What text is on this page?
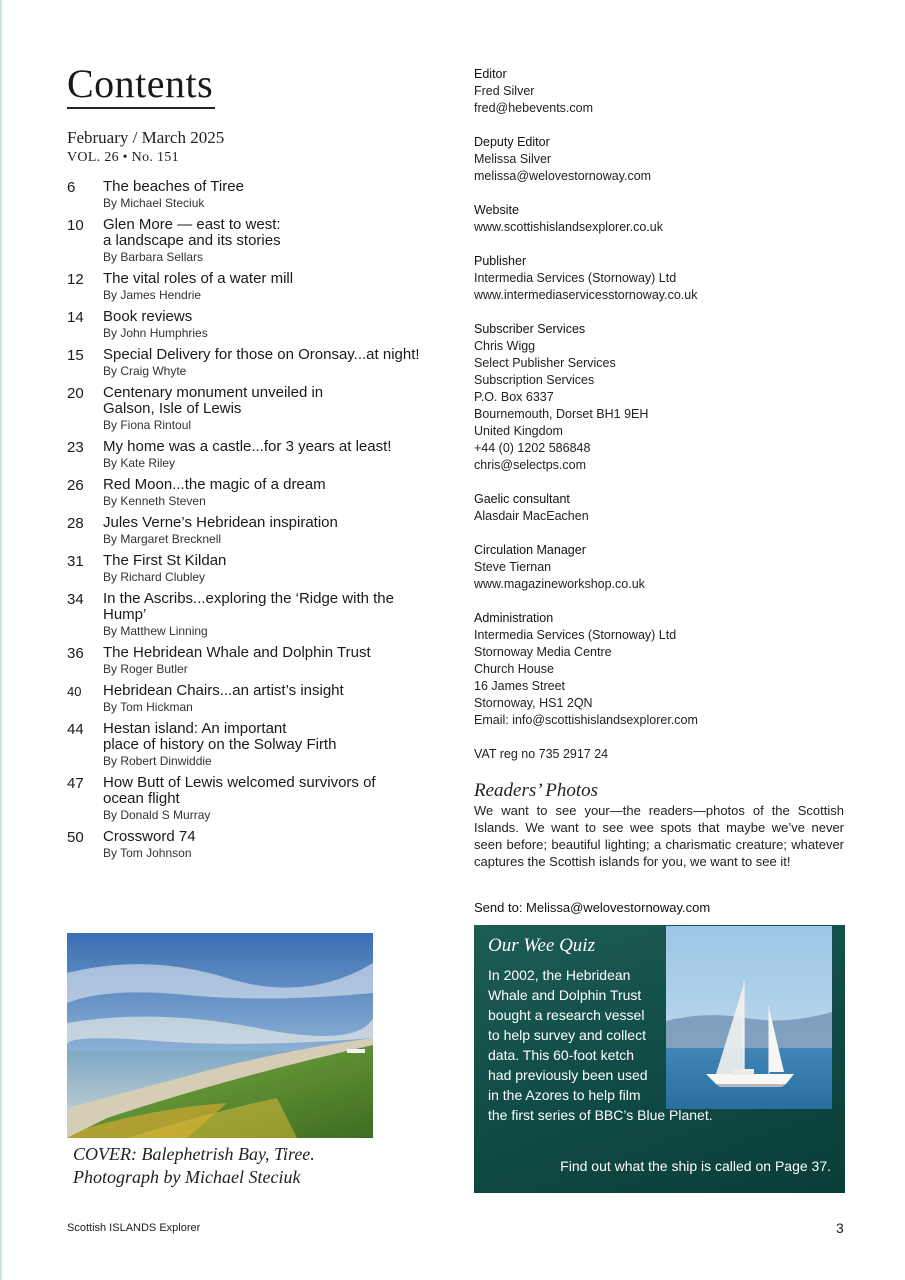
Contents
February / March 2025
VOL. 26 • No. 151
6	The beaches of Tiree
By Michael Steciuk
10	Glen More — east to west:
a landscape and its stories
By Barbara Sellars
12	The vital roles of a water mill
By James Hendrie
14	Book reviews
By John Humphries
15	Special Delivery for those on Oronsay...at night!
By Craig Whyte
20	Centenary monument unveiled in
Galson, Isle of Lewis
By Fiona Rintoul
23	My home was a castle...for 3 years at least!
By Kate Riley
26	Red Moon...the magic of a dream
By Kenneth Steven
28	Jules Verne’s Hebridean inspiration
By Margaret Brecknell
31	The First St Kildan
By Richard Clubley
34	In the Ascribs...exploring the ‘Ridge with the
Hump’
By Matthew Linning
36	The Hebridean Whale and Dolphin Trust
By Roger Butler
40	Hebridean Chairs...an artist’s insight
By Tom Hickman
44	Hestan island: An important
place of history on the Solway Firth
By Robert Dinwiddie
47	How Butt of Lewis welcomed survivors of
ocean flight
By Donald S Murray
50	Crossword 74
By Tom Johnson
COVER: Balephetrish Bay, Tiree.
Photograph by Michael Steciuk
Editor
Fred Silver
fred@hebevents.com
Deputy Editor
Melissa Silver
melissa@welovestornoway.com
Website
www.scottishislandsexplorer.co.uk
Publisher
Intermedia Services (Stornoway) Ltd
www.intermediaservicesstornoway.co.uk
Subscriber Services
Chris Wigg
Select Publisher Services
Subscription Services
P.O. Box 6337
Bournemouth, Dorset BH1 9EH
United Kingdom
+44 (0) 1202 586848
chris@selectps.com
Gaelic consultant
Alasdair MacEachen
Circulation Manager
Steve Tiernan
www.magazineworkshop.co.uk
Administration
Intermedia Services (Stornoway) Ltd
Stornoway Media Centre
Church House
16 James Street
Stornoway, HS1 2QN
Email: info@scottishislandsexplorer.com
VAT reg no 735 2917 24
Readers’ Photos

We want to see your—the readers—photos of the Scottish Islands. We want to see wee spots that maybe we’ve never seen before; beautiful lighting; a charismatic creature; whatever captures the Scottish islands for you, we want to see it!

Send to: Melissa@welovestornoway.com
Our Wee Quiz
In 2002, the Hebridean Whale and Dolphin Trust bought a research vessel to help survey and collect data. This 60-foot ketch had previously been used in the Azores to help film
the first series of BBC’s Blue Planet.
Find out what the ship is called on Page 37.
Scottish ISLANDS Explorer	3
